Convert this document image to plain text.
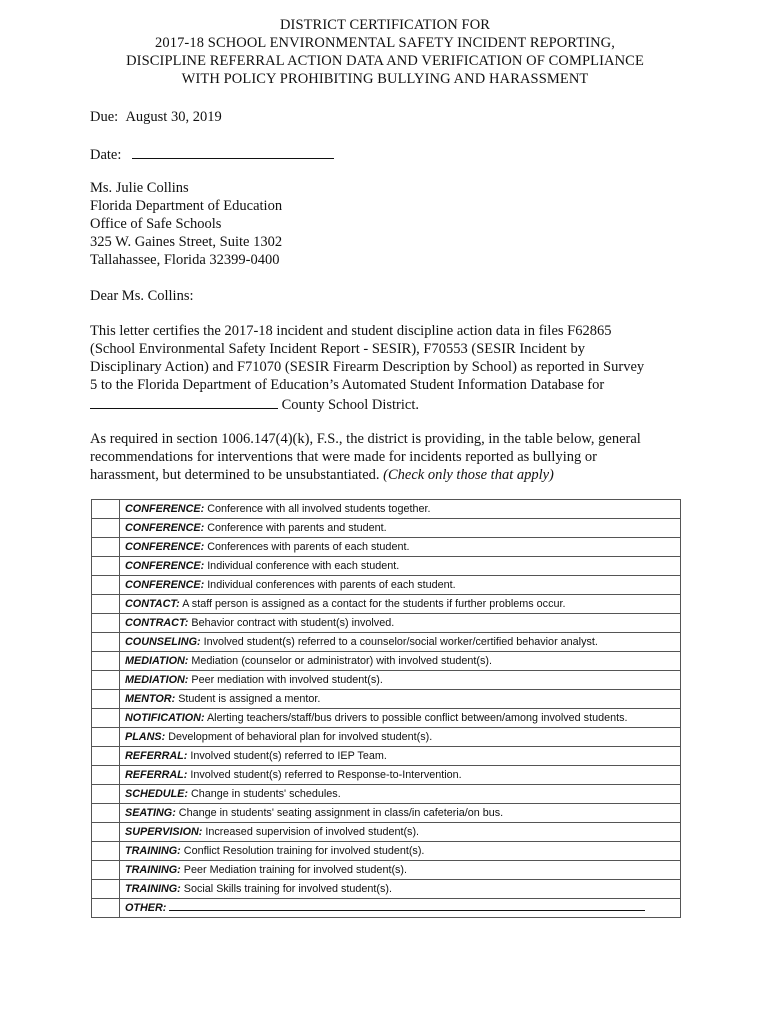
DISTRICT CERTIFICATION FOR
2017-18 SCHOOL ENVIRONMENTAL SAFETY INCIDENT REPORTING,
DISCIPLINE REFERRAL ACTION DATA AND VERIFICATION OF COMPLIANCE
WITH POLICY PROHIBITING BULLYING AND HARASSMENT
Due: August 30, 2019
Date:
Ms. Julie Collins
Florida Department of Education
Office of Safe Schools
325 W. Gaines Street, Suite 1302
Tallahassee, Florida 32399-0400
Dear Ms. Collins:
This letter certifies the 2017-18 incident and student discipline action data in files F62865
(School Environmental Safety Incident Report - SESIR), F70553 (SESIR Incident by
Disciplinary Action) and F71070 (SESIR Firearm Description by School) as reported in Survey
5 to the Florida Department of Education’s Automated Student Information Database for
County School District.
As required in section 1006.147(4)(k), F.S., the district is providing, in the table below, general
recommendations for interventions that were made for incidents reported as bullying or
harassment, but determined to be unsubstantiated. (Check only those that apply)
	CONFERENCE: Conference with all involved students together.
	CONFERENCE: Conference with parents and student.
	CONFERENCE: Conferences with parents of each student.
	CONFERENCE: Individual conference with each student.
	CONFERENCE: Individual conferences with parents of each student.
	CONTACT: A staff person is assigned as a contact for the students if further problems occur.
	CONTRACT: Behavior contract with student(s) involved.
	COUNSELING: Involved student(s) referred to a counselor/social worker/certified behavior analyst.
	MEDIATION: Mediation (counselor or administrator) with involved student(s).
	MEDIATION: Peer mediation with involved student(s).
	MENTOR: Student is assigned a mentor.
	NOTIFICATION: Alerting teachers/staff/bus drivers to possible conflict between/among involved students.
	PLANS: Development of behavioral plan for involved student(s).
	REFERRAL: Involved student(s) referred to IEP Team.
	REFERRAL: Involved student(s) referred to Response-to-Intervention.
	SCHEDULE: Change in students' schedules.
	SEATING: Change in students' seating assignment in class/in cafeteria/on bus.
	SUPERVISION: Increased supervision of involved student(s).
	TRAINING: Conflict Resolution training for involved student(s).
	TRAINING: Peer Mediation training for involved student(s).
	TRAINING: Social Skills training for involved student(s).
	OTHER:
